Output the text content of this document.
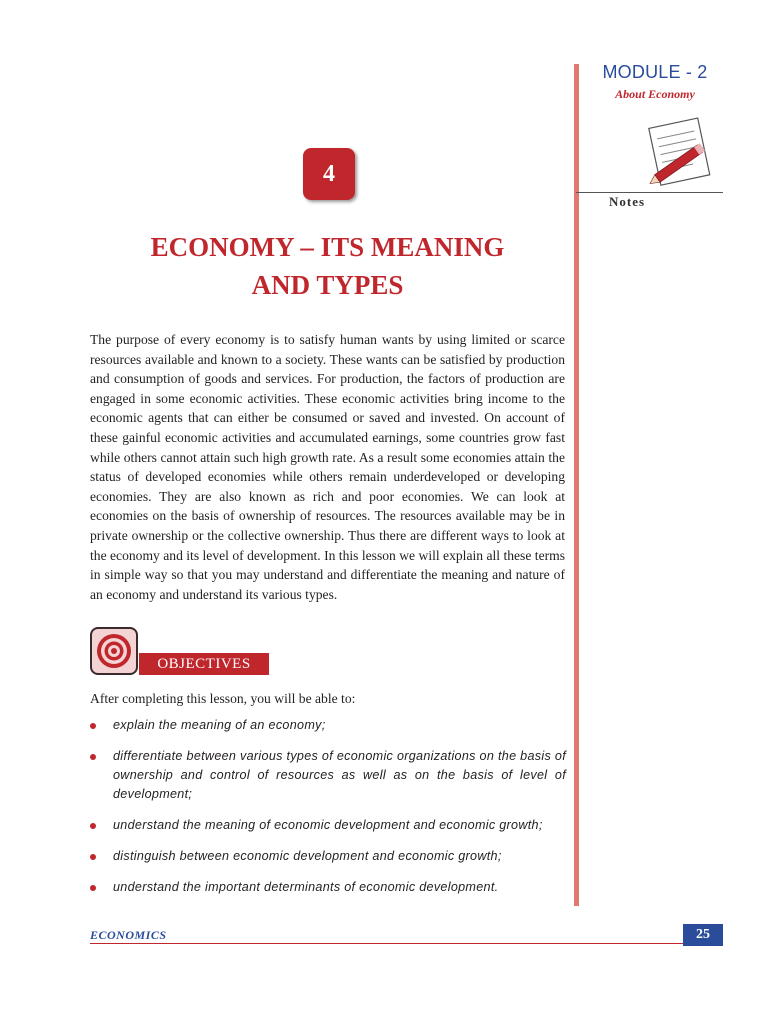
MODULE - 2
About Economy
Notes
4
ECONOMY – ITS MEANING
AND TYPES
The purpose of every economy is to satisfy human wants by using limited or scarce resources available and known to a society. These wants can be satisfied by production and consumption of goods and services. For production, the factors of production are engaged in some economic activities. These economic activities bring income to the economic agents that can either be consumed or saved and invested. On account of these gainful economic activities and accumulated earnings, some countries grow fast while others cannot attain such high growth rate. As a result some economies attain the status of developed economies while others remain underdeveloped or developing economies. They are also known as rich and poor economies. We can look at economies on the basis of ownership of resources. The resources available may be in private ownership or the collective ownership. Thus there are different ways to look at the economy and its level of development. In this lesson we will explain all these terms in simple way so that you may understand and differentiate the meaning and nature of an economy and understand its various types.
OBJECTIVES
After completing this lesson, you will be able to:
explain the meaning of an economy;
differentiate between various types of economic organizations on the basis of ownership and control of resources as well as on the basis of level of development;
understand the meaning of economic development and economic growth;
distinguish between economic development and economic growth;
understand the important determinants of economic development.
ECONOMICS	25
